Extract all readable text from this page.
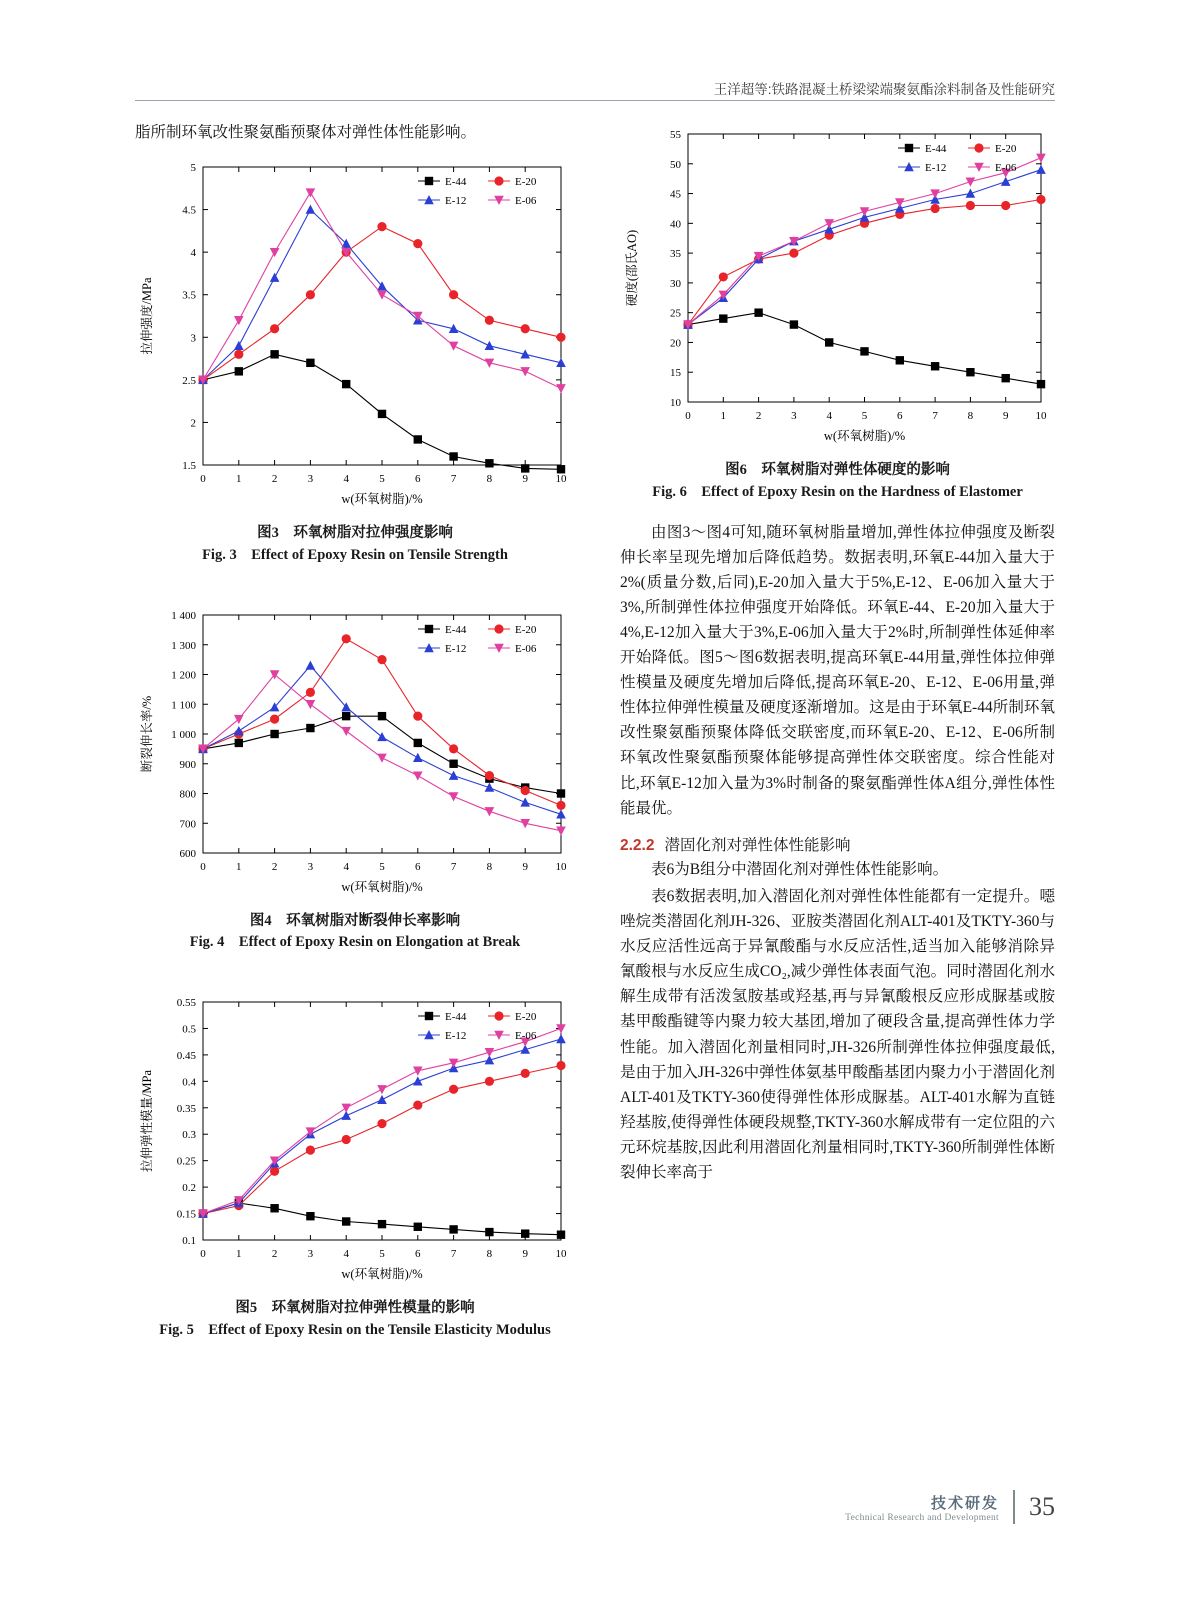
王洋超等:铁路混凝土桥梁梁端聚氨酯涂料制备及性能研究
脂所制环氧改性聚氨酯预聚体对弹性体性能影响。
1.5
2
2.5
3
3.5
4
4.5
5
0	1	2	3	4	5	6	7	8	9	10
w(环氧树脂)/%
拉伸强度/MPa
E-44	E-20
E-12	E-06
图3　环氧树脂对拉伸强度影响
Fig. 3　Effect of Epoxy Resin on Tensile Strength
600
700
800
900
1 000
1 100
1 200
1 300
1 400
0	1	2	3	4	5	6	7	8	9	10
w(环氧树脂)/%
断裂伸长率/%
E-44	E-20
E-12	E-06
图4　环氧树脂对断裂伸长率影响
Fig. 4　Effect of Epoxy Resin on Elongation at Break
0.1
0.15
0.2
0.25
0.3
0.35
0.4
0.45
0.5
0.55
0	1	2	3	4	5	6	7	8	9	10
w(环氧树脂)/%
拉伸弹性模量/MPa
E-44	E-20
E-12	E-06
图5　环氧树脂对拉伸弹性模量的影响
Fig. 5　Effect of Epoxy Resin on the Tensile Elasticity Modulus
10
15
20
25
30
35
40
45
50
55
0	1	2	3	4	5	6	7	8	9 10
w(环氧树脂)/%
硬度(邵氏AO)
E-44	E-20
E-12	E-06
图6　环氧树脂对弹性体硬度的影响
Fig. 6　Effect of Epoxy Resin on the Hardness of Elastomer

由图3～图4可知,随环氧树脂量增加,弹性体拉伸强度及断裂伸长率呈现先增加后降低趋势。数据表明,环氧E-44加入量大于2%(质量分数,后同),E-20加入量大于5%,E-12、E-06加入量大于3%,所制弹性体拉伸强度开始降低。环氧E-44、E-20加入量大于4%,E-12加入量大于3%,E-06加入量大于2%时,所制弹性体延伸率开始降低。图5～图6数据表明,提高环氧E-44用量,弹性体拉伸弹性模量及硬度先增加后降低,提高环氧E-20、E-12、E-06用量,弹性体拉伸弹性模量及硬度逐渐增加。这是由于环氧E-44所制环氧改性聚氨酯预聚体降低交联密度,而环氧E-20、E-12、E-06所制环氧改性聚氨酯预聚体能够提高弹性体交联密度。综合性能对比,环氧E-12加入量为3%时制备的聚氨酯弹性体A组分,弹性体性能最优。

2.2.2 潜固化剂对弹性体性能影响

表6为B组分中潜固化剂对弹性体性能影响。

表6数据表明,加入潜固化剂对弹性体性能都有一定提升。噁唑烷类潜固化剂JH-326、亚胺类潜固化剂ALT-401及TKTY-360与水反应活性远高于异氰酸酯与水反应活性,适当加入能够消除异氰酸根与水反应生成CO₂,减少弹性体表面气泡。同时潜固化剂水解生成带有活泼氢胺基或羟基,再与异氰酸根反应形成脲基或胺基甲酸酯键等内聚力较大基团,增加了硬段含量,提高弹性体力学性能。加入潜固化剂量相同时,JH-326所制弹性体拉伸强度最低,是由于加入JH-326中弹性体氨基甲酸酯基团内聚力小于潜固化剂ALT-401及TKTY-360使得弹性体形成脲基。ALT-401水解为直链羟基胺,使得弹性体硬段规整,TKTY-360水解成带有一定位阻的六元环烷基胺,因此利用潜固化剂量相同时,TKTY-360所制弹性体断裂伸长率高于

技术研发
Technical Research and Development 35
